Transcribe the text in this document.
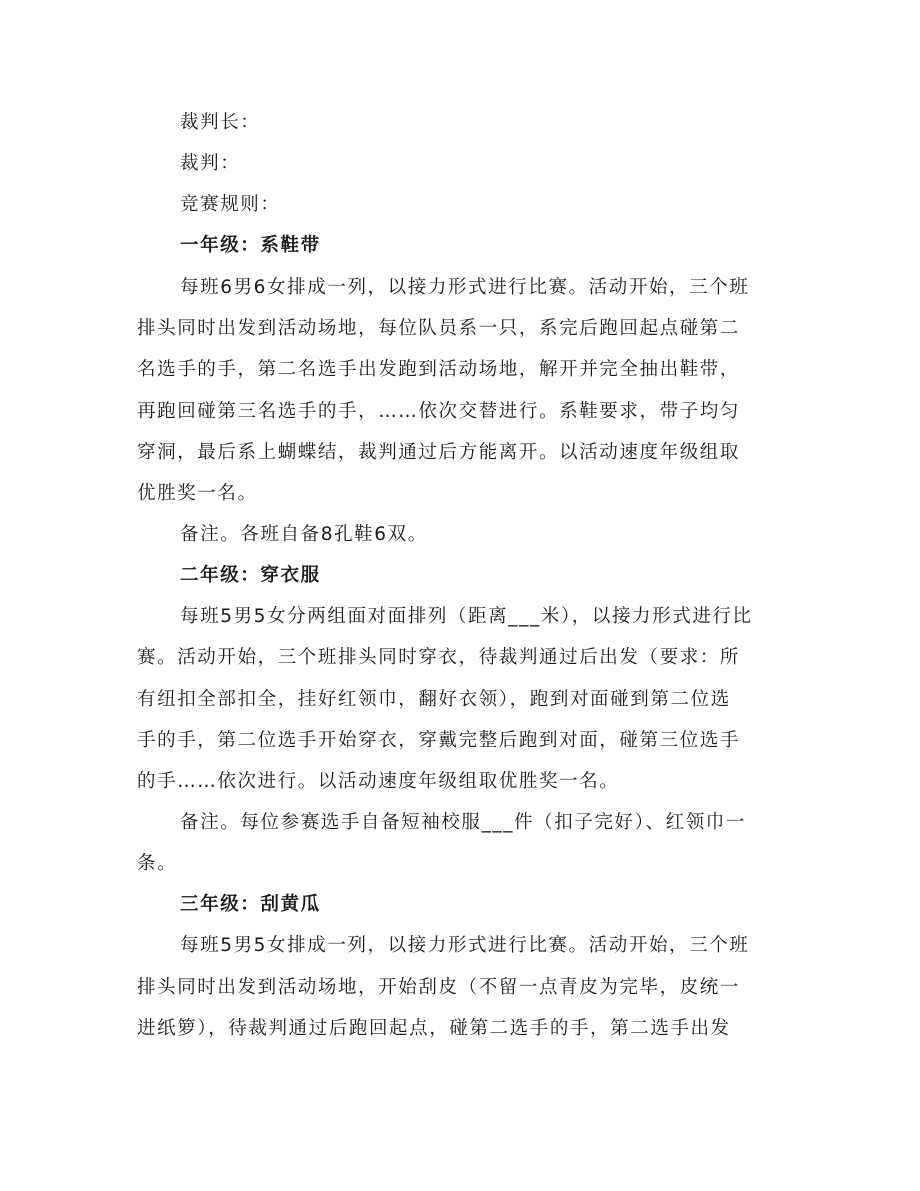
裁判长：
裁判：
竞赛规则：
一年级：系鞋带
每班6男6女排成一列，以接力形式进行比赛。活动开始，三个班
排头同时出发到活动场地，每位队员系一只，系完后跑回起点碰第二
名选手的手，第二名选手出发跑到活动场地，解开并完全抽出鞋带，
再跑回碰第三名选手的手，……依次交替进行。系鞋要求，带子均匀
穿洞，最后系上蝴蝶结，裁判通过后方能离开。以活动速度年级组取
优胜奖一名。
备注。各班自备8孔鞋6双。
二年级：穿衣服
每班5男5女分两组面对面排列（距离___米），以接力形式进行比
赛。活动开始，三个班排头同时穿衣，待裁判通过后出发（要求：所
有纽扣全部扣全，挂好红领巾，翻好衣领），跑到对面碰到第二位选
手的手，第二位选手开始穿衣，穿戴完整后跑到对面，碰第三位选手
的手……依次进行。以活动速度年级组取优胜奖一名。
备注。每位参赛选手自备短袖校服___件（扣子完好）、红领巾一
条。
三年级：刮黄瓜
每班5男5女排成一列，以接力形式进行比赛。活动开始，三个班
排头同时出发到活动场地，开始刮皮（不留一点青皮为完毕，皮统一
进纸箩），待裁判通过后跑回起点，碰第二选手的手，第二选手出发
